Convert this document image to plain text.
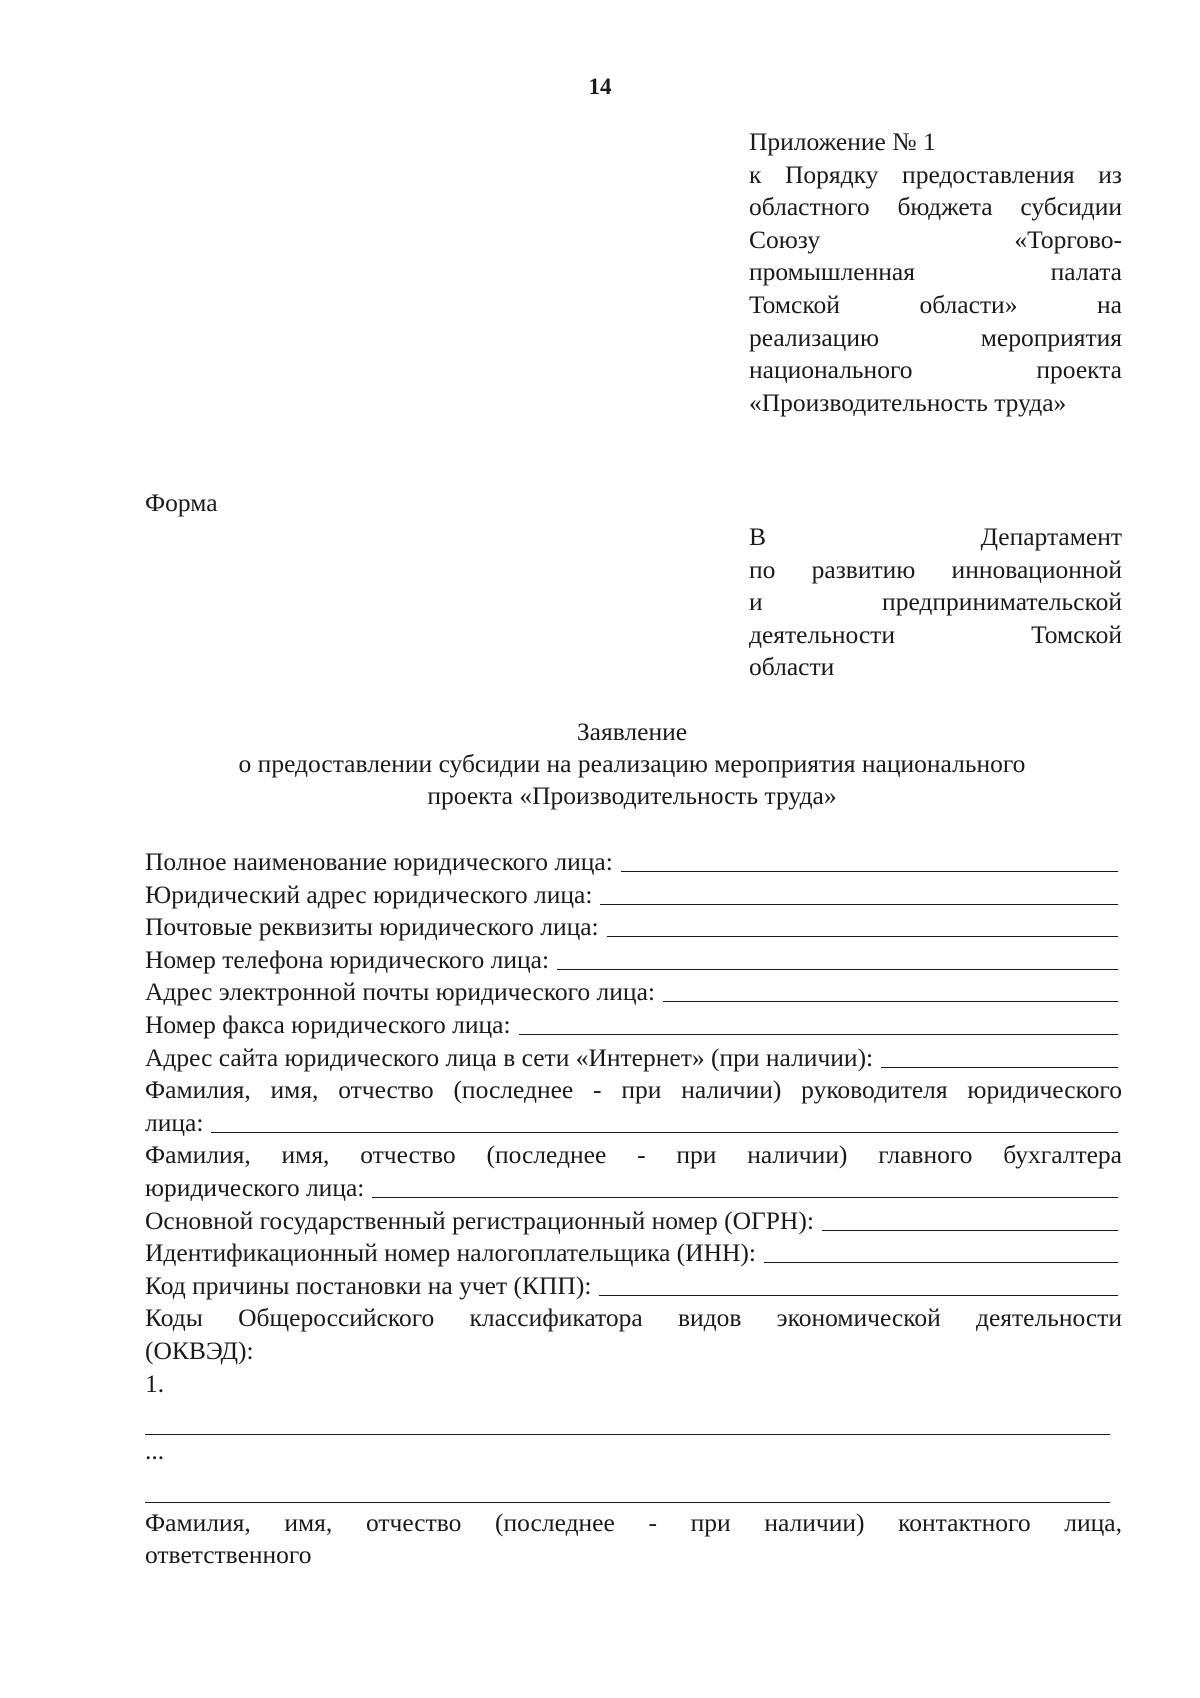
14
Приложение № 1
к Порядку предоставления из
областного бюджета субсидии
Союзу «Торгово-
промышленная палата
Томской области» на
реализацию мероприятия
национального проекта
«Производительность труда»
Форма
В Департамент
по развитию инновационной
и предпринимательской
деятельности Томской
области
Заявление
о предоставлении субсидии на реализацию мероприятия национального
проекта «Производительность труда»
Полное наименование юридического лица:
Юридический адрес юридического лица:
Почтовые реквизиты юридического лица:
Номер телефона юридического лица:
Адрес электронной почты юридического лица:
Номер факса юридического лица:
Адрес сайта юридического лица в сети «Интернет» (при наличии):
Фамилия, имя, отчество (последнее - при наличии) руководителя юридического
лица:
Фамилия, имя, отчество (последнее - при наличии) главного бухгалтера
юридического лица:
Основной государственный регистрационный номер (ОГРН):
Идентификационный номер налогоплательщика (ИНН):
Код причины постановки на учет (КПП):
Коды Общероссийского классификатора видов экономической деятельности
(ОКВЭД):
1.
...
Фамилия, имя, отчество (последнее - при наличии) контактного лица,
ответственного
